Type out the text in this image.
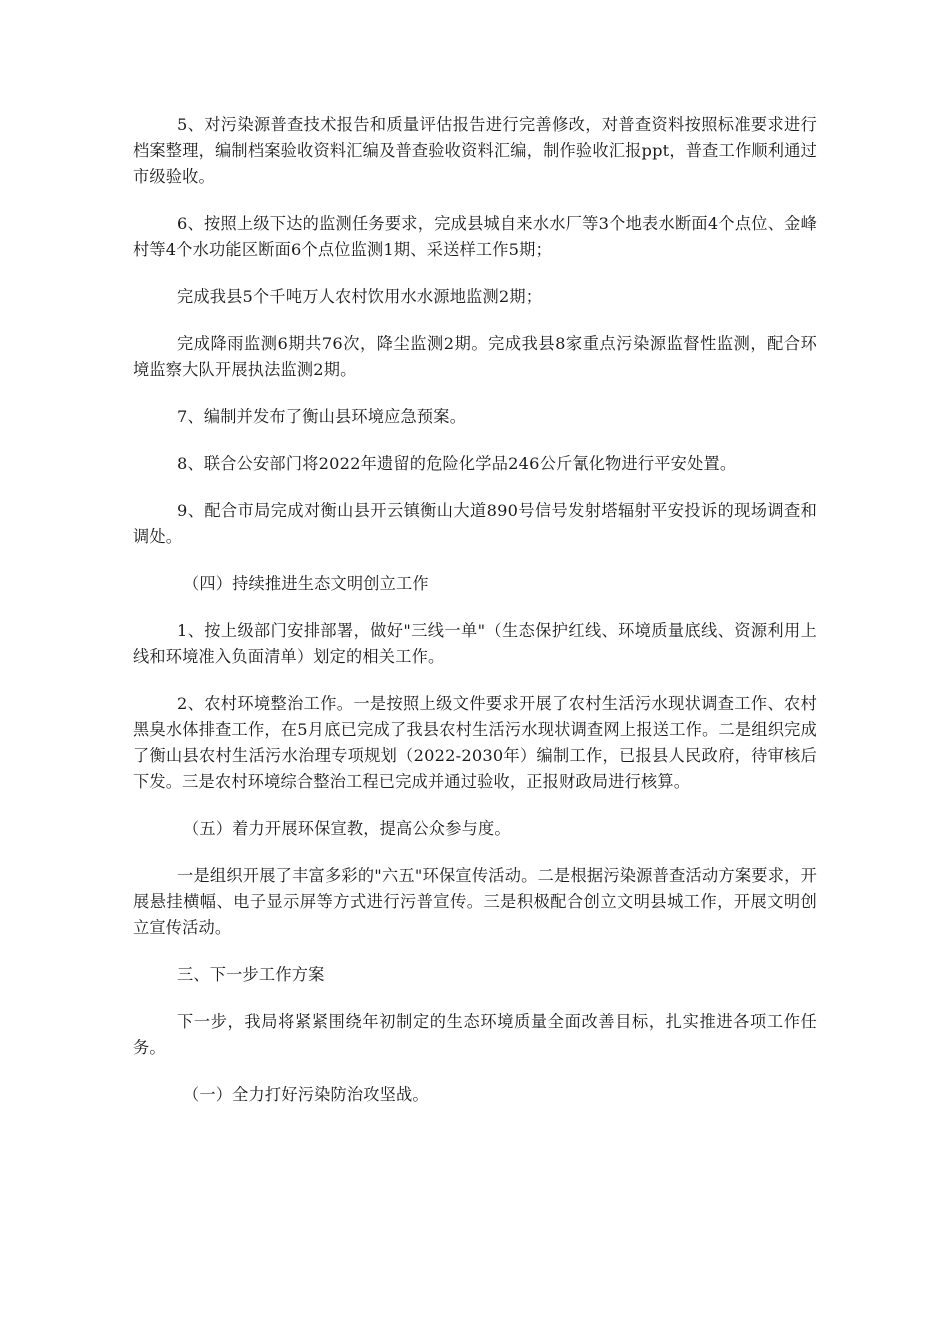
5、对污染源普查技术报告和质量评估报告进行完善修改，对普查资料按照标准要求进行档案整理，编制档案验收资料汇编及普查验收资料汇编，制作验收汇报ppt，普查工作顺利通过市级验收。

6、按照上级下达的监测任务要求，完成县城自来水水厂等3个地表水断面4个点位、金峰村等4个水功能区断面6个点位监测1期、采送样工作5期；

完成我县5个千吨万人农村饮用水水源地监测2期；

完成降雨监测6期共76次，降尘监测2期。完成我县8家重点污染源监督性监测，配合环境监察大队开展执法监测2期。

7、编制并发布了衡山县环境应急预案。

8、联合公安部门将2022年遗留的危险化学品246公斤氰化物进行平安处置。

9、配合市局完成对衡山县开云镇衡山大道890号信号发射塔辐射平安投诉的现场调查和调处。

（四）持续推进生态文明创立工作

1、按上级部门安排部署，做好"三线一单"（生态保护红线、环境质量底线、资源利用上线和环境准入负面清单）划定的相关工作。

2、农村环境整治工作。一是按照上级文件要求开展了农村生活污水现状调查工作、农村黑臭水体排查工作，在5月底已完成了我县农村生活污水现状调查网上报送工作。二是组织完成了衡山县农村生活污水治理专项规划（2022-2030年）编制工作，已报县人民政府，待审核后下发。三是农村环境综合整治工程已完成并通过验收，正报财政局进行核算。

（五）着力开展环保宣教，提高公众参与度。

一是组织开展了丰富多彩的"六五"环保宣传活动。二是根据污染源普查活动方案要求，开展悬挂横幅、电子显示屏等方式进行污普宣传。三是积极配合创立文明县城工作，开展文明创立宣传活动。

三、下一步工作方案

下一步，我局将紧紧围绕年初制定的生态环境质量全面改善目标，扎实推进各项工作任务。

（一）全力打好污染防治攻坚战。
